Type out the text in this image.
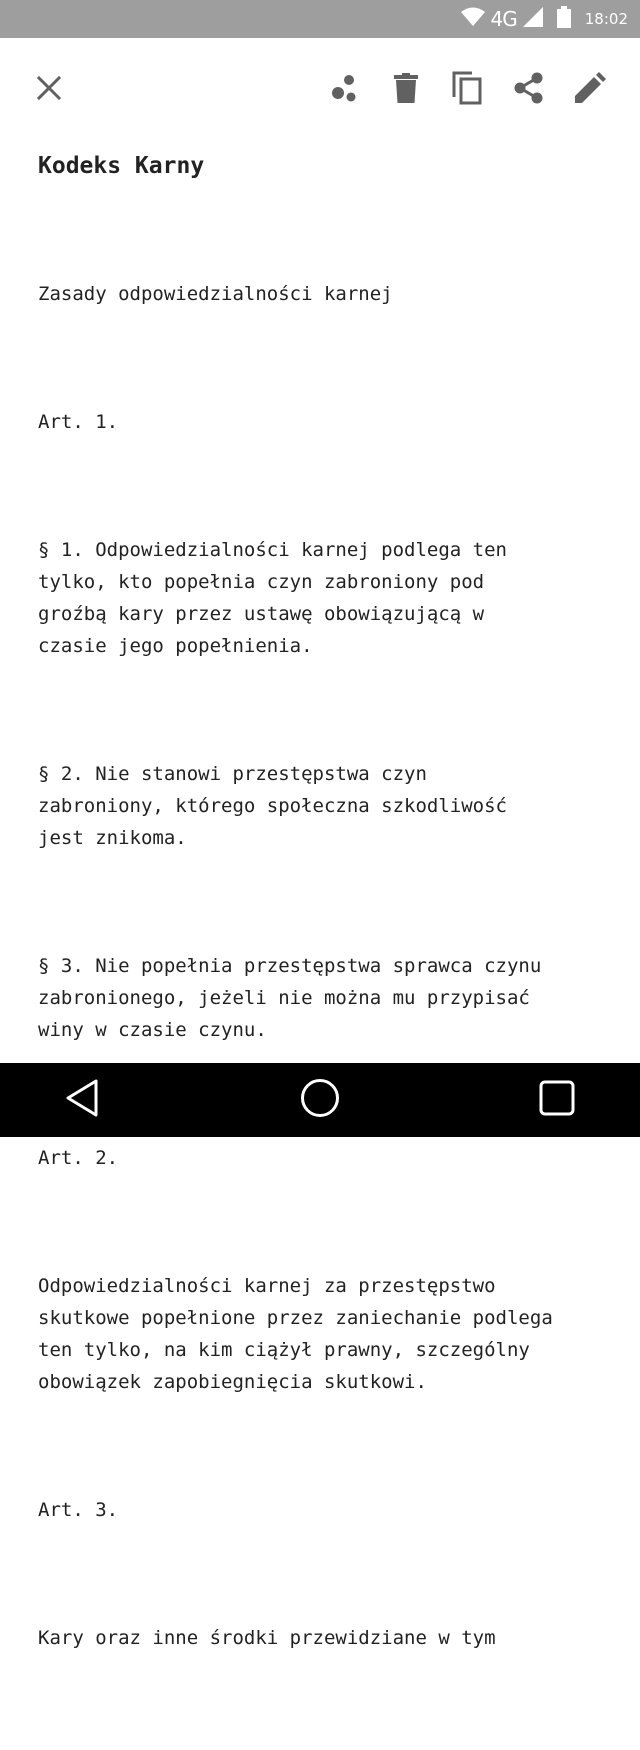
4G	18:02
Kodeks Karny

Zasady odpowiedzialności karnej

Art. 1.

§ 1. Odpowiedzialności karnej podlega ten
tylko, kto popełnia czyn zabroniony pod
groźbą kary przez ustawę obowiązującą w
czasie jego popełnienia.

§ 2. Nie stanowi przestępstwa czyn
zabroniony, którego społeczna szkodliwość
jest znikoma.

§ 3. Nie popełnia przestępstwa sprawca czynu
zabronionego, jeżeli nie można mu przypisać
winy w czasie czynu.

Art. 2.

Odpowiedzialności karnej za przestępstwo
skutkowe popełnione przez zaniechanie podlega
ten tylko, na kim ciążył prawny, szczególny
obowiązek zapobiegnięcia skutkowi.

Art. 3.

Kary oraz inne środki przewidziane w tym
